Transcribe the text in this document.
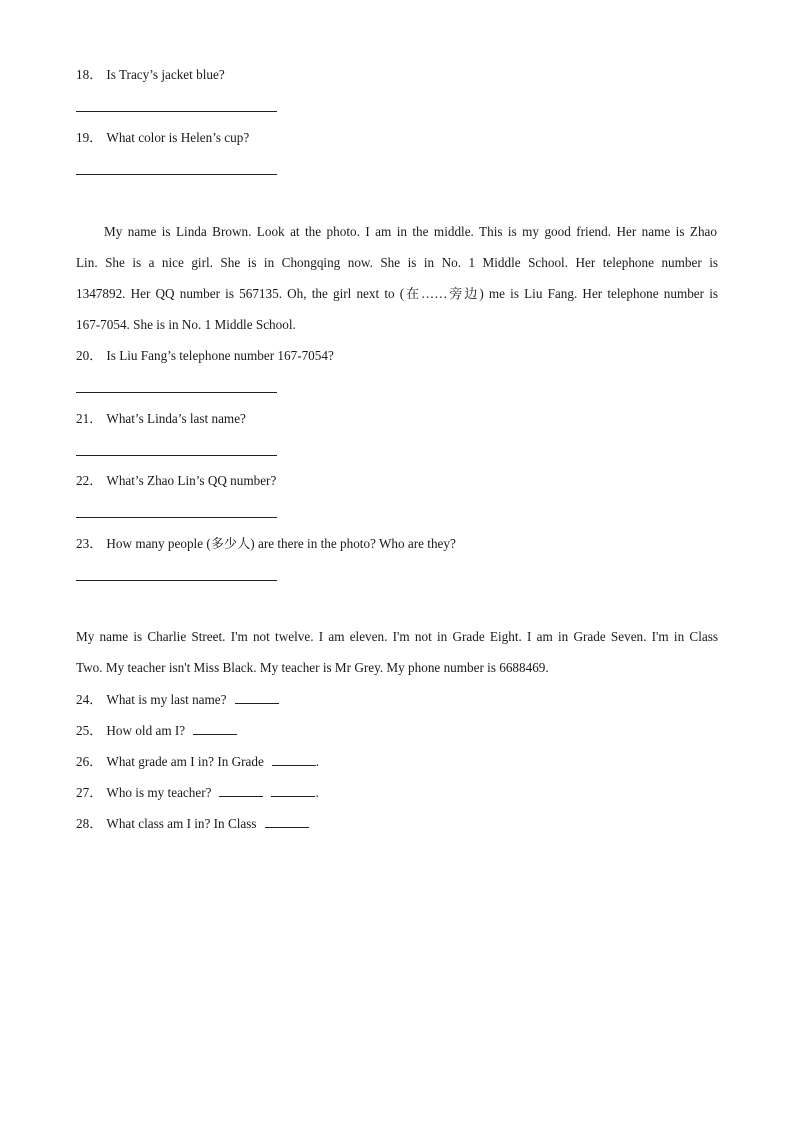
18． Is Tracy’s jacket blue?
19． What color is Helen’s cup?
My name is Linda Brown. Look at the photo. I am in the middle. This is my good friend. Her name is Zhao
Lin. She is a nice girl. She is in Chongqing now. She is in No. 1 Middle School. Her telephone number is
1347892. Her QQ number is 567135. Oh, the girl next to (在……旁边) me is Liu Fang. Her telephone number is
167-7054. She is in No. 1 Middle School.
20． Is Liu Fang’s telephone number 167-7054?
21． What’s Linda’s last name?
22． What’s Zhao Lin’s QQ number?
23． How many people (多少人) are there in the photo? Who are they?
My name is Charlie Street. I'm not twelve. I am eleven. I'm not in Grade Eight. I am in Grade Seven. I'm in Class
Two. My teacher isn't Miss Black. My teacher is Mr Grey. My phone number is 6688469.
24． What is my last name?
25． How old am I?
26． What grade am I in? In Grade	.
27． Who is my teacher?	.
28． What class am I in? In Class
